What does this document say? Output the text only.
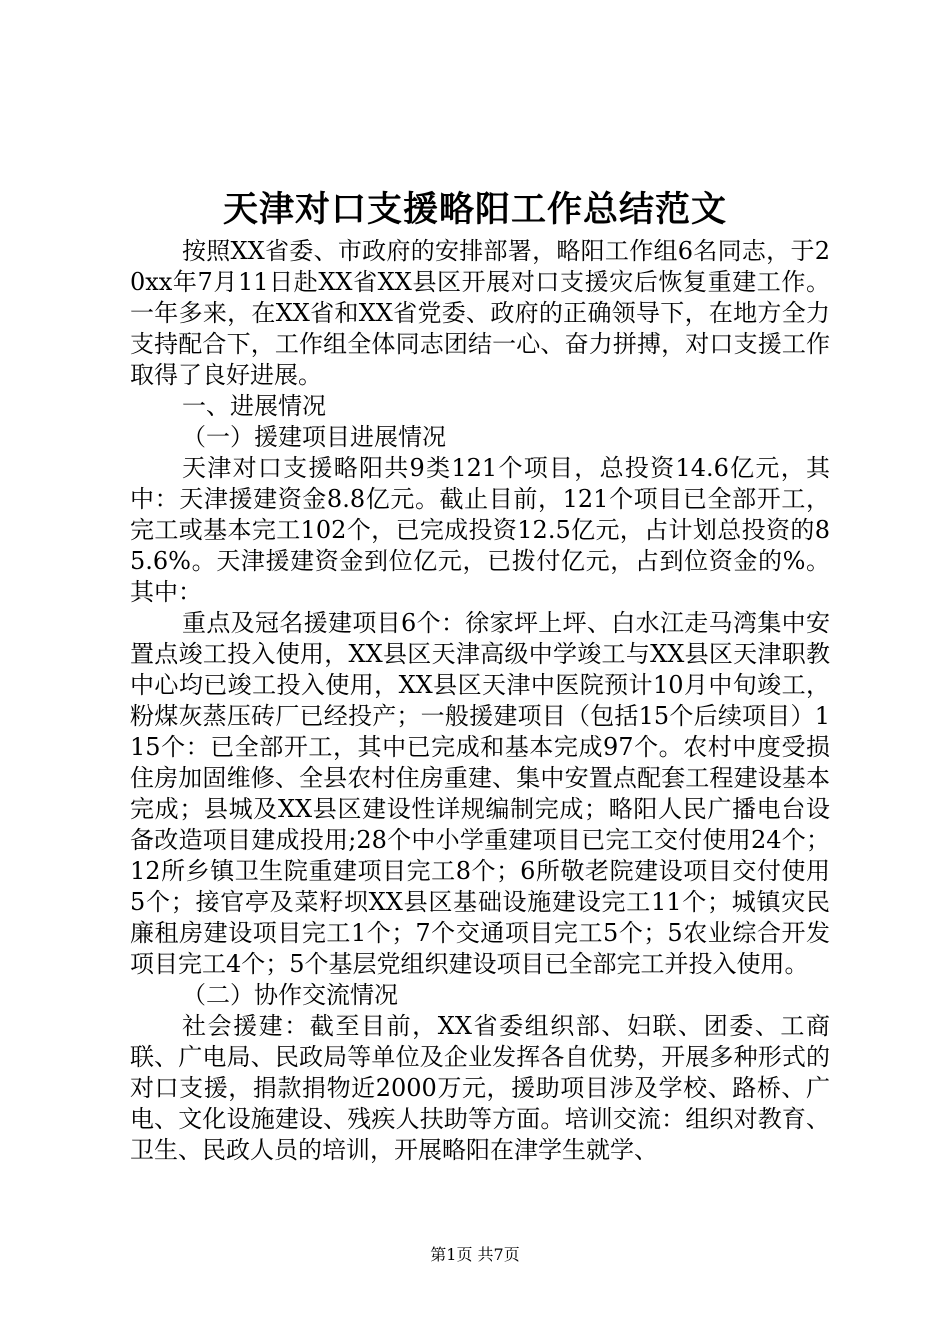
天津对口支援略阳工作总结范文

按照XX省委、市政府的安排部署，略阳工作组6名同志，于20xx年7月11日赴XX省XX县区开展对口支援灾后恢复重建工作。一年多来，在XX省和XX省党委、政府的正确领导下，在地方全力支持配合下，工作组全体同志团结一心、奋力拼搏，对口支援工作取得了良好进展。

一、进展情况

（一）援建项目进展情况

天津对口支援略阳共9类121个项目，总投资14.6亿元，其中：天津援建资金8.8亿元。截止目前，121个项目已全部开工，完工或基本完工102个，已完成投资12.5亿元，占计划总投资的85.6%。天津援建资金到位亿元，已拨付亿元，占到位资金的%。其中：

重点及冠名援建项目6个：徐家坪上坪、白水江走马湾集中安置点竣工投入使用，XX县区天津高级中学竣工与XX县区天津职教中心均已竣工投入使用，XX县区天津中医院预计10月中旬竣工，粉煤灰蒸压砖厂已经投产；一般援建项目（包括15个后续项目）115个：已全部开工，其中已完成和基本完成97个。农村中度受损住房加固维修、全县农村住房重建、集中安置点配套工程建设基本完成；县城及XX县区建设性详规编制完成；略阳人民广播电台设备改造项目建成投用;28个中小学重建项目已完工交付使用24个；12所乡镇卫生院重建项目完工8个；6所敬老院建设项目交付使用5个；接官亭及菜籽坝XX县区基础设施建设完工11个；城镇灾民廉租房建设项目完工1个；7个交通项目完工5个；5农业综合开发项目完工4个；5个基层党组织建设项目已全部完工并投入使用。

（二）协作交流情况

社会援建：截至目前，XX省委组织部、妇联、团委、工商联、广电局、民政局等单位及企业发挥各自优势，开展多种形式的对口支援，捐款捐物近2000万元，援助项目涉及学校、路桥、广电、文化设施建设、残疾人扶助等方面。培训交流：组织对教育、卫生、民政人员的培训，开展略阳在津学生就学、

第1页 共7页
